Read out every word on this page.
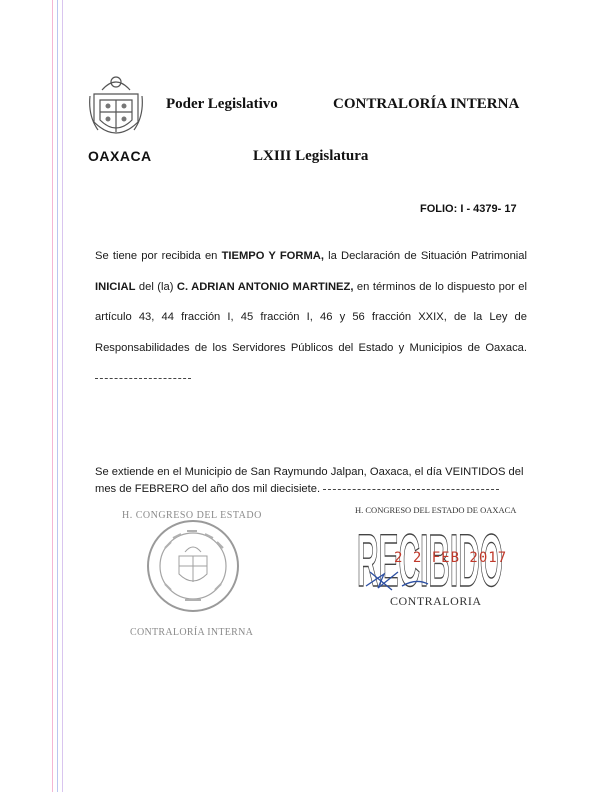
OAXACA
Poder Legislativo	CONTRALORÍA INTERNA
LXIII Legislatura
FOLIO: I - 4379- 17
Se tiene por recibida en TIEMPO Y FORMA, la Declaración de Situación Patrimonial INICIAL del (la) C. ADRIAN ANTONIO MARTINEZ, en términos de lo dispuesto por el artículo 43, 44 fracción I, 45 fracción I, 46 y 56 fracción XXIX, de la Ley de Responsabilidades de los Servidores Públicos del Estado y Municipios de Oaxaca.
Se extiende en el Municipio de San Raymundo Jalpan, Oaxaca, el día VEINTIDOS del mes de FEBRERO del año dos mil diecisiete.
H. CONGRESO DEL ESTADO
CONTRALORÍA INTERNA
H. CONGRESO DEL ESTADO DE OAXACA
RECIBIDO
2 2 FEB 2017
CONTRALORIA
